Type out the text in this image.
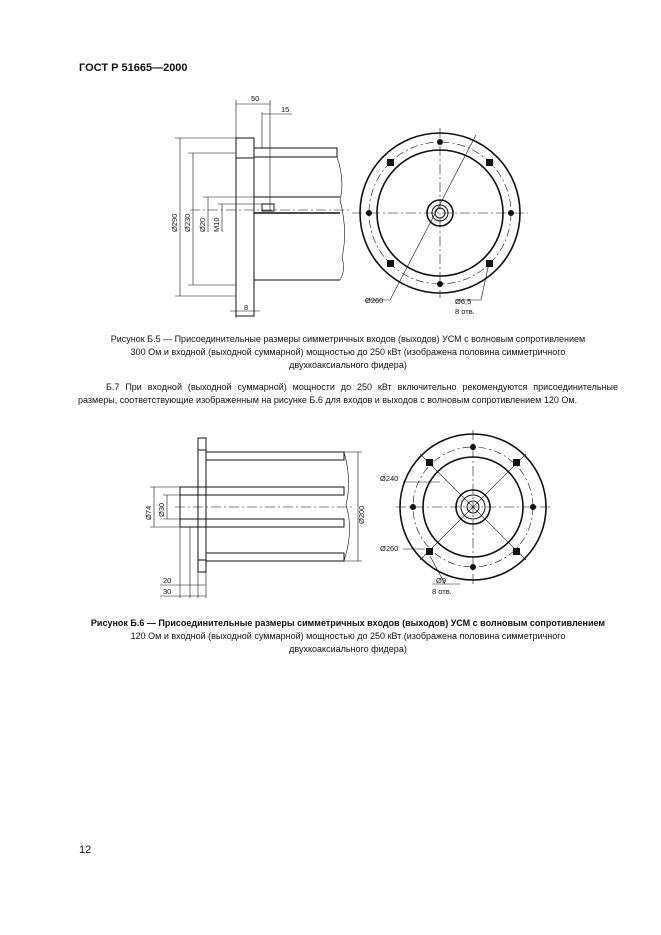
ГОСТ Р 51665—2000
50
15
Ø290 Ø230 Ø20 M10
8
Ø260	Ø6,5
8 отв.
Ø74 Ø30	Ø200
20
30
Ø240
Ø260
Ø9
8 отв.
Рисунок Б.5 — Присоединительные размеры симметричных входов (выходов) УСМ с волновым сопротивлением
300 Ом и входной (выходной суммарной) мощностью до 250 кВт (изображена половина симметричного
двухкоаксиального фидера)
Б.7 При входной (выходной суммарной) мощности до 250 кВт включительно рекомендуются присоединительные размеры, соответствующие изображенным на рисунке Б.6 для входов и выходов с волновым сопротивлением 120 Ом.
Рисунок Б.6 — Присоединительные размеры симметричных входов (выходов) УСМ с волновым сопротивлением
120 Ом и входной (выходной суммарной) мощностью до 250 кВт (изображена половина симметричного
двухкоаксиального фидера)
12
